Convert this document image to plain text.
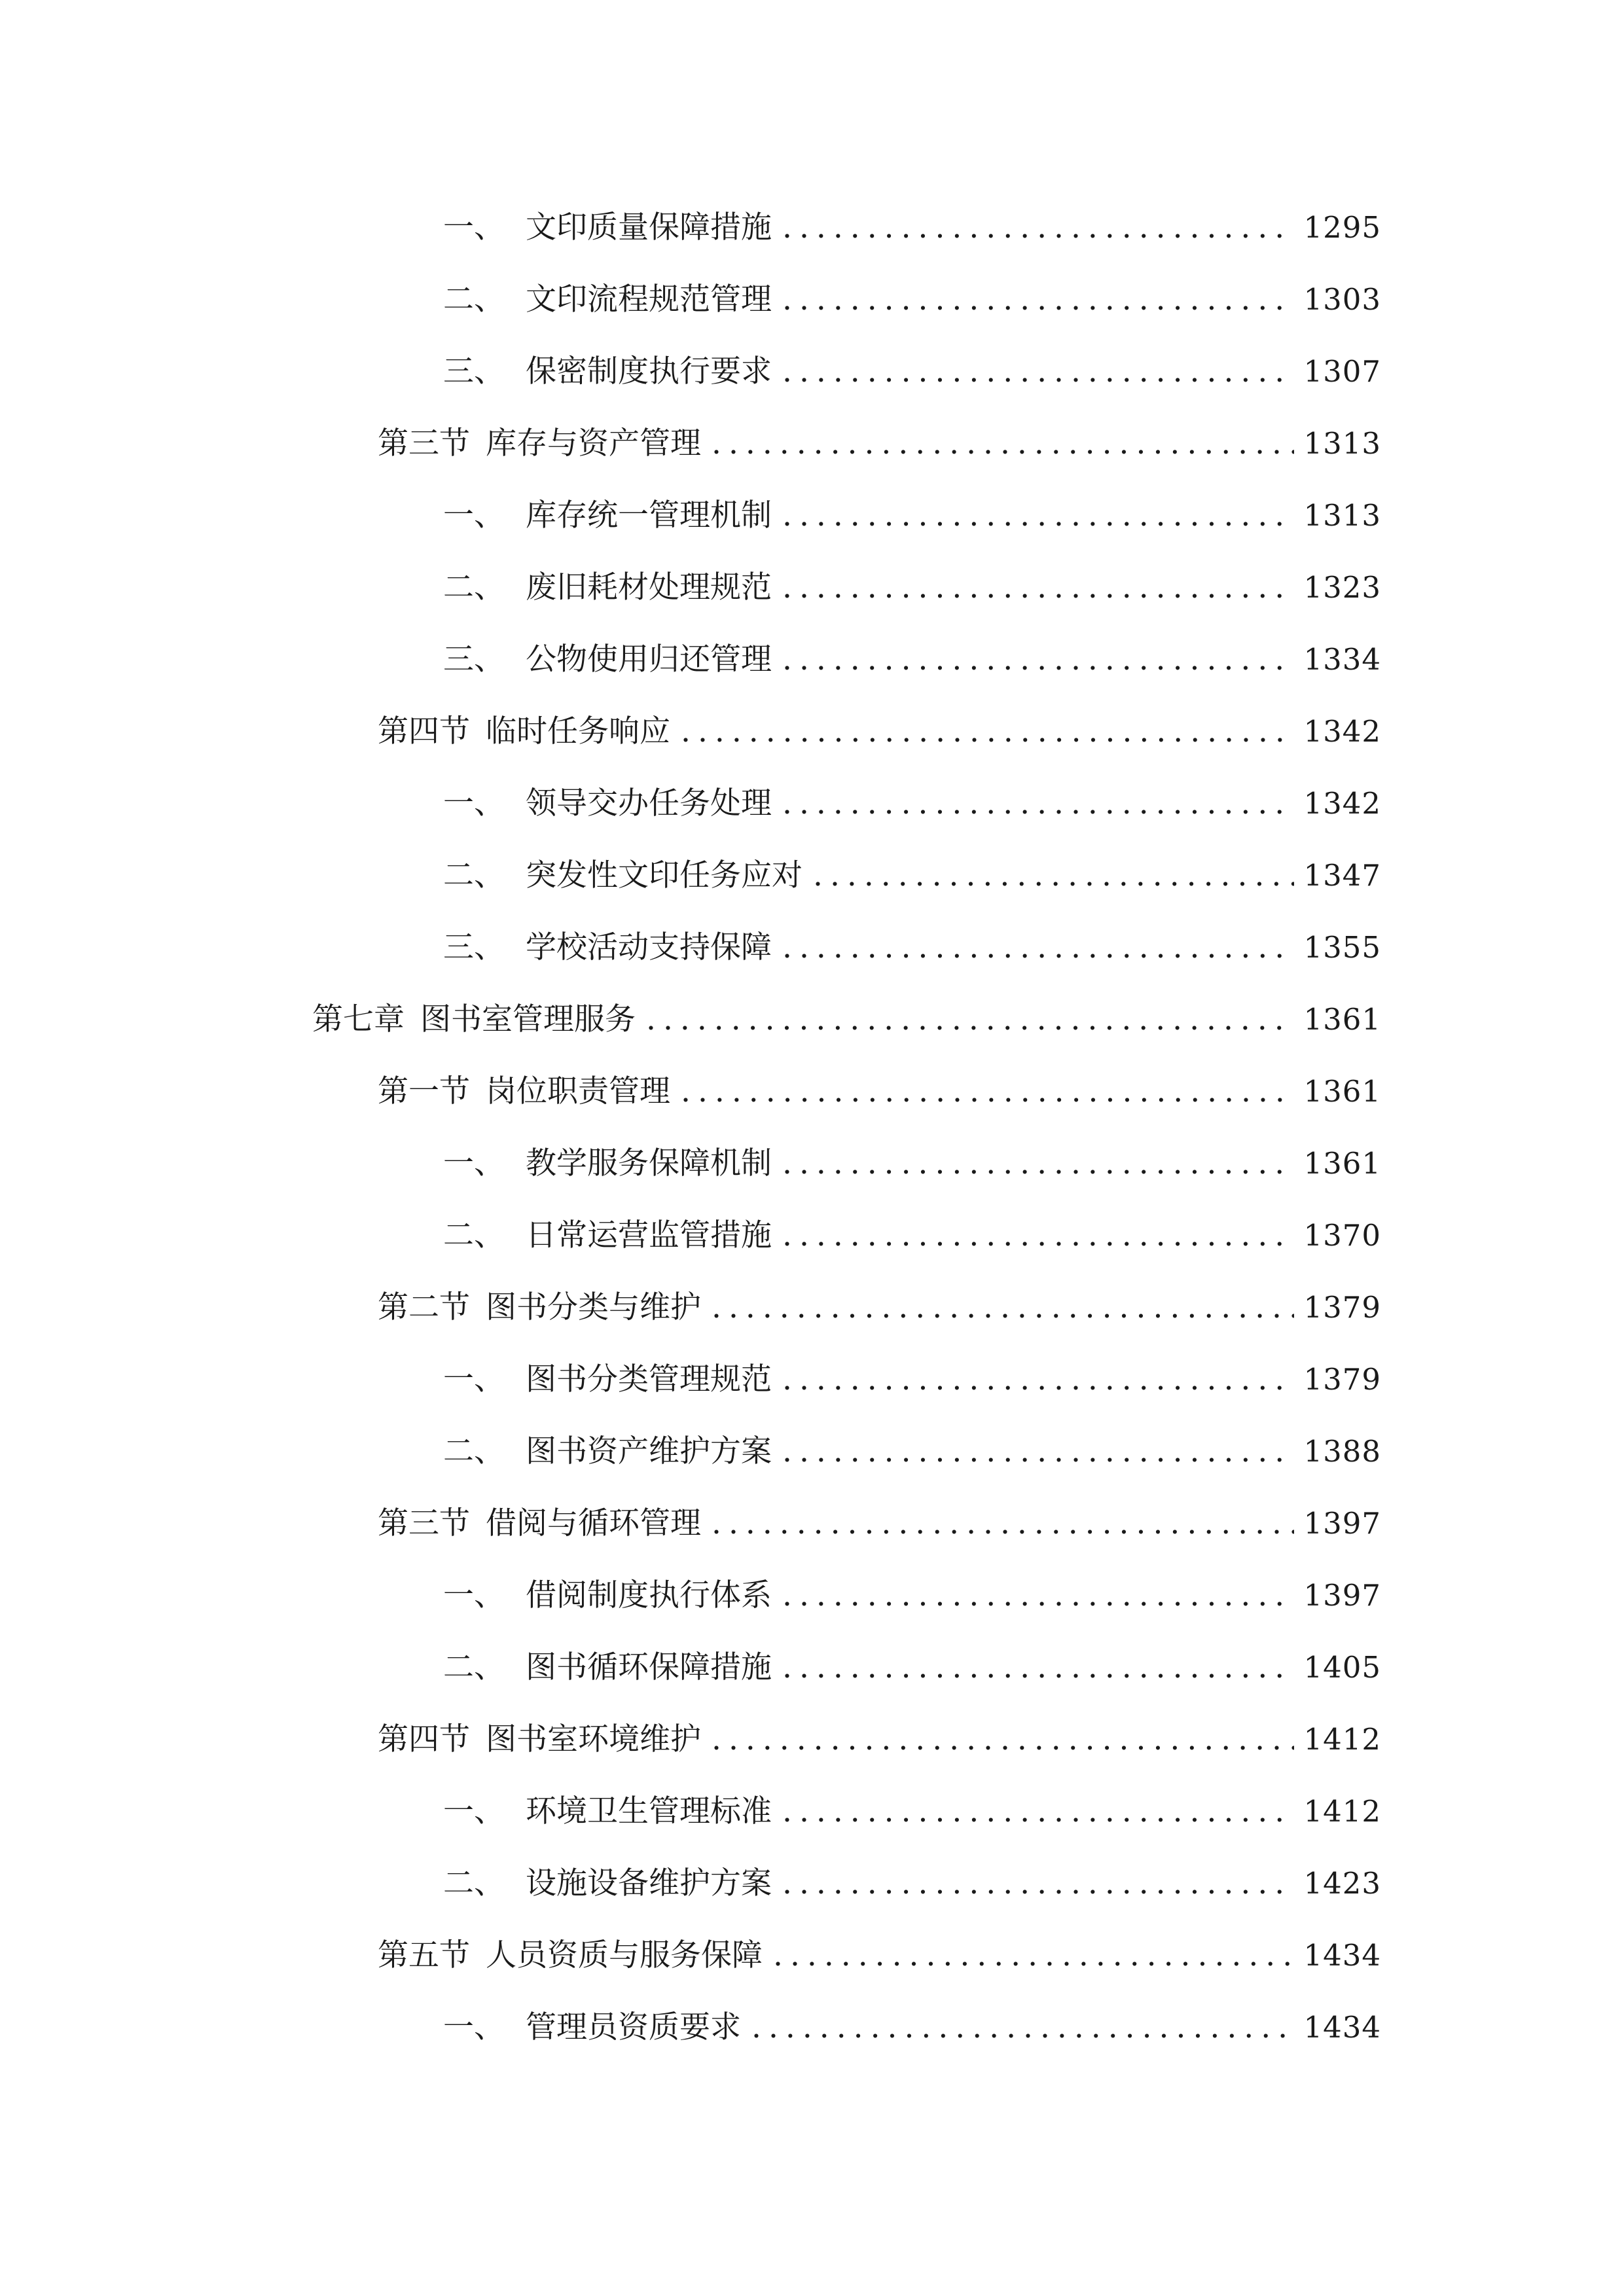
一、 文印质量保障措施 .....	1295
二、 文印流程规范管理 .....	1303
三、 保密制度执行要求 .....	1307
第三节 库存与资产管理 .....	1313
一、 库存统一管理机制 .....	1313
二、 废旧耗材处理规范 .....	1323
三、 公物使用归还管理 .....	1334
第四节 临时任务响应 .....	1342
一、 领导交办任务处理 .....	1342
二、 突发性文印任务应对 .....	1347
三、 学校活动支持保障 .....	1355
第七章 图书室管理服务 .....	1361
第一节 岗位职责管理 .....	1361
一、 教学服务保障机制 .....	1361
二、 日常运营监管措施 .....	1370
第二节 图书分类与维护 .....	1379
一、 图书分类管理规范 .....	1379
二、 图书资产维护方案 .....	1388
第三节 借阅与循环管理 .....	1397
一、 借阅制度执行体系 .....	1397
二、 图书循环保障措施 .....	1405
第四节 图书室环境维护 .....	1412
一、 环境卫生管理标准 .....	1412
二、 设施设备维护方案 .....	1423
第五节 人员资质与服务保障 .....	1434
一、 管理员资质要求 .....	1434
